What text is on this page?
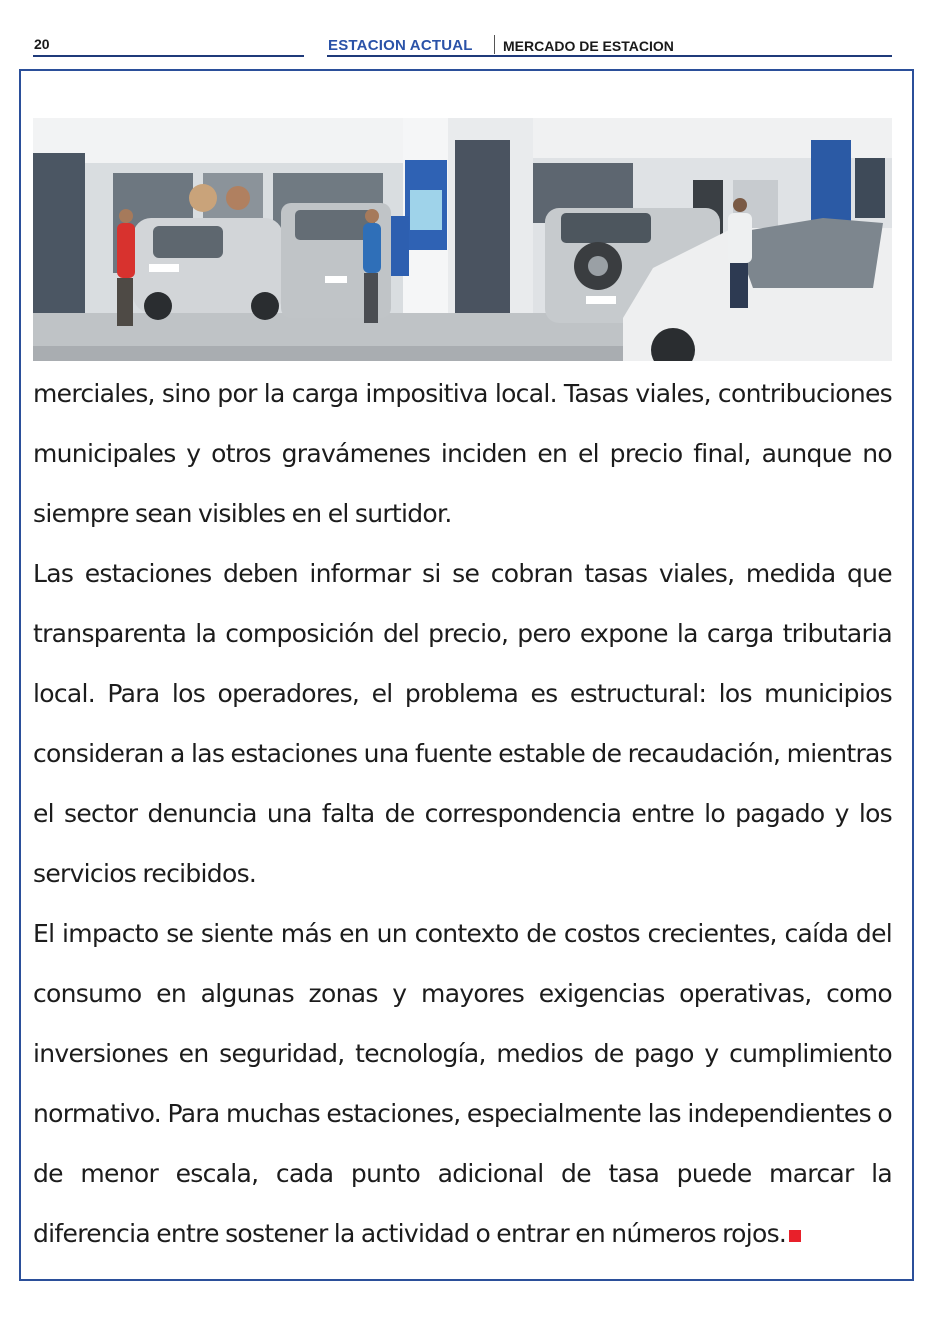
20	ESTACION ACTUAL MERCADO DE ESTACION

merciales, sino por la carga impositiva local. Tasas viales, contribuciones municipales y otros gravámenes inciden en el precio final, aunque no siempre sean visibles en el surtidor.

Las estaciones deben informar si se cobran tasas viales, medida que transparenta la composición del precio, pero expone la carga tributaria local. Para los operadores, el problema es estructural: los municipios consideran a las estaciones una fuente estable de recaudación, mientras el sector denuncia una falta de correspondencia entre lo pagado y los servicios recibidos.

El impacto se siente más en un contexto de costos crecientes, caída del consumo en algunas zonas y mayores exigencias operativas, como inversiones en seguridad, tecnología, medios de pago y cumplimiento normativo. Para muchas estaciones, especialmente las independientes o de menor escala, cada punto adicional de tasa puede marcar la diferencia entre sostener la actividad o entrar en números rojos.
